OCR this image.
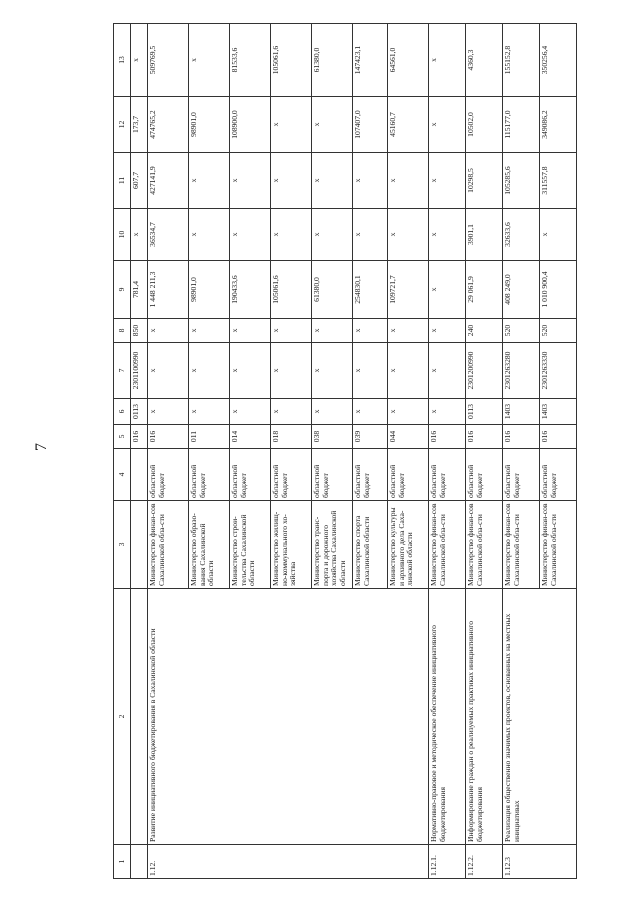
7
1	2	3	4	5	6	7	8	9	10	11	12	13
				016	0113	2301100990	850	781,4	x	607,7	173,7	x
1.12.	Развитие инициативного бюджетирования в Сахалинской области	Министерство финан-сов Сахалинской обла-сти	областной бюджет	016	x	x	x	1 448 211,3	36534,7	427141,9	474765,2	509769,5
		Министерство образо-вания Сахалинской области	областной бюджет	011	x	x	x	98901,0	x	x	98901,0	x
		Министерство строи-тельства Сахалинской области	областной бюджет	014	x	x	x	190433,6	x	x	108900,0	81533,6
		Министерство жилищ-но-коммунального хо-зяйства	областной бюджет	018	x	x	x	105061,6	x	x	x	105061,6
		Министерство транс-порта и дорожного хозяйства Сахалинской области	областной бюджет	038	x	x	x	61380,0	x	x	x	61380,0
		Министерство спорта Сахалинской области	областной бюджет	039	x	x	x	254830,1	x	x	107407,0	147423,1
		Министерство культуры и архивного дела Саха-линской области	областной бюджет	044	x	x	x	109721,7	x	x	45160,7	64561,0
1.12.1.	Нормативно-правовое и методическое обеспечение инициативного бюджетирования	Министерство финан-сов Сахалинской обла-сти	областной бюджет	016	x	x	x	x	x	x	x	x
1.12.2.	Информирование граждан о реализуемых практиках инициативного бюджетирования	Министерство финан-сов Сахалинской обла-сти	областной бюджет	016	0113	2301200990	240	29 061,9	3901,1	10298,5	10502,0	4360,3
1.12.3	Реализация общественно значимых проектов, основанных на местных инициативах	Министерство финан-сов Сахалинской обла-сти	областной бюджет	016	1403	2301263280	520	408 249,0	32633,6	105285,6	115177,0	155152,8
		Министерство финан-сов Сахалинской обла-сти	областной бюджет	016	1403	2301263330	520	1 010 900,4	x	311557,8	349086,2	350256,4
